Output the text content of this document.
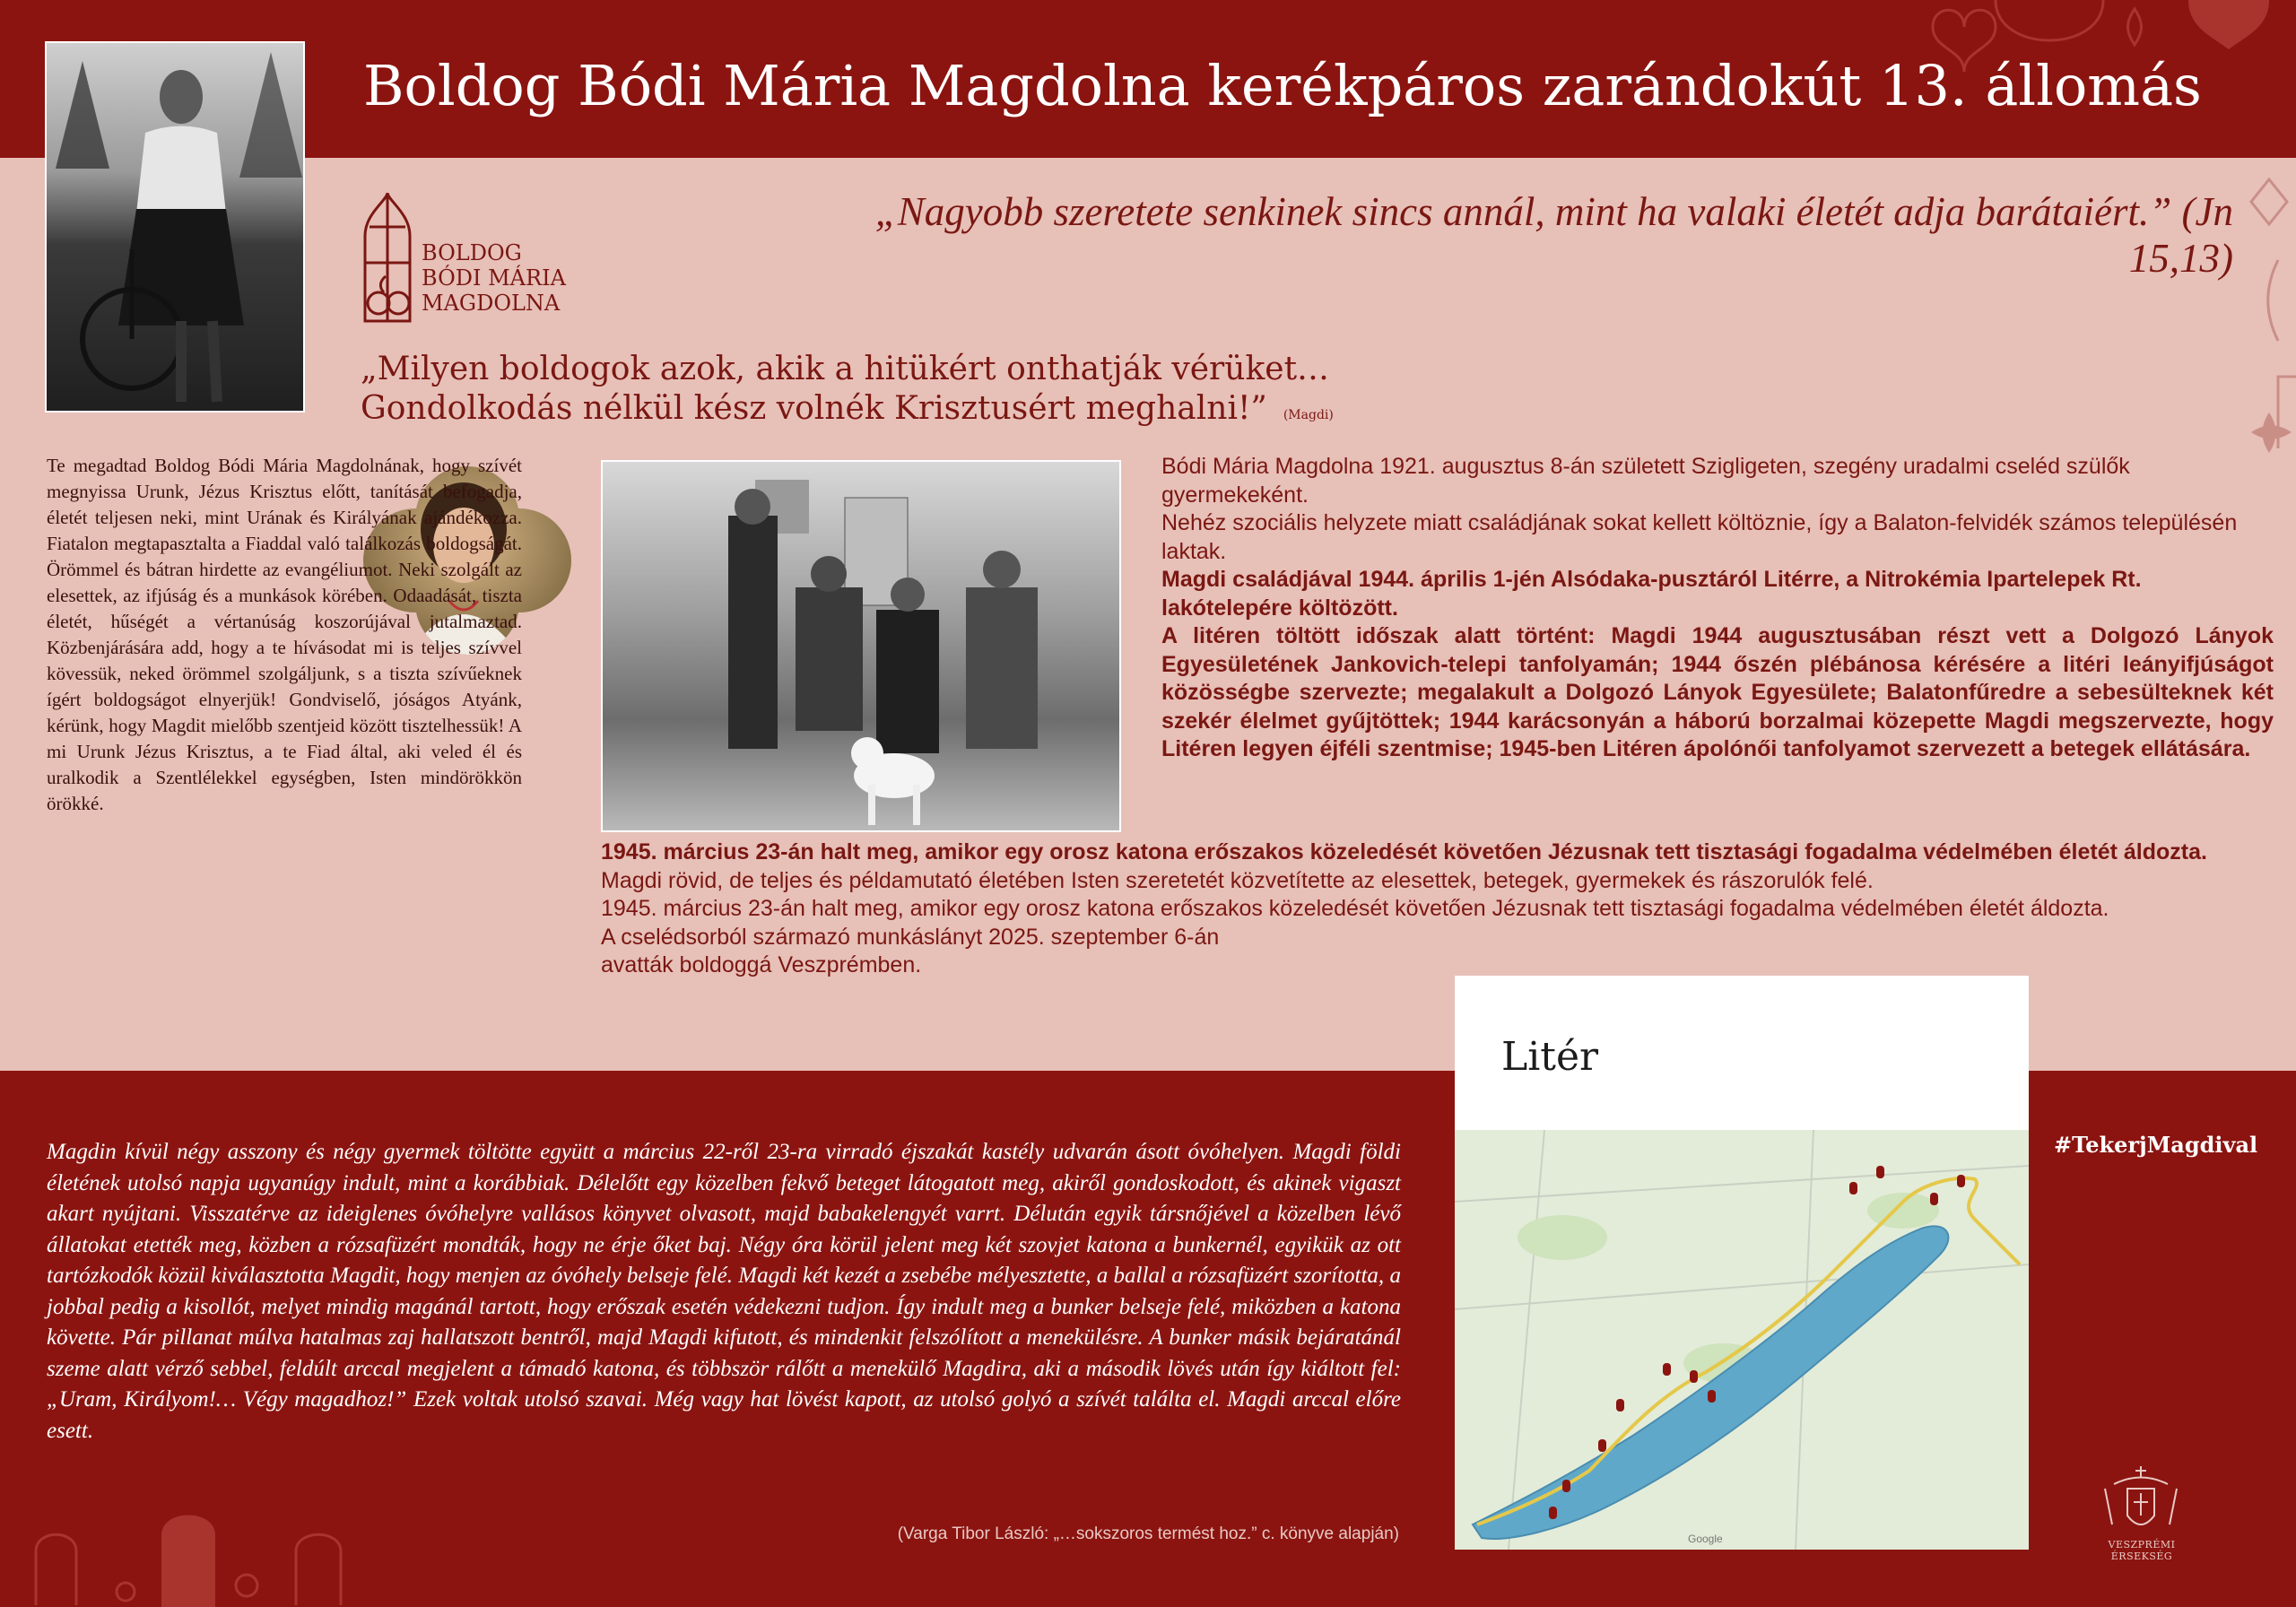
Boldog Bódi Mária Magdolna kerékpáros zarándokút 13. állomás
„Nagyobb szeretete senkinek sincs annál, mint ha valaki életét adja barátaiért.” (Jn 15,13)
BOLDOG
BÓDI MÁRIA
MAGDOLNA
„Milyen boldogok azok, akik a hitükért onthatják vérüket…
Gondolkodás nélkül kész volnék Krisztusért meghalni!” (Magdi)
Te megadtad Boldog Bódi Mária Magdolnának, hogy szívét megnyissa Urunk, Jézus Krisztus előtt, tanítását befogadja, életét teljesen neki, mint Urának és Királyának ajándékozza. Fiatalon megtapasztalta a Fiaddal való találkozás boldogságát. Örömmel és bátran hirdette az evangéliumot. Neki szolgált az elesettek, az ifjúság és a munkások körében. Odaadását, tiszta életét, hűségét a vértanúság koszorújával jutalmaztad. Közbenjárására add, hogy a te hívásodat mi is teljes szívvel kövessük, neked örömmel szolgáljunk, s a tiszta szívűeknek ígért boldogságot elnyerjük! Gondviselő, jóságos Atyánk, kérünk, hogy Magdit mielőbb szentjeid között tisztelhessük! A mi Urunk Jézus Krisztus, a te Fiad által, aki veled él és uralkodik a Szentlélekkel egységben, Isten mindörökkön örökké.

Bódi Mária Magdolna 1921. augusztus 8-án született Szigligeten, szegény uradalmi cseléd szülők gyermekeként.

Nehéz szociális helyzete miatt családjának sokat kellett költöznie, így a Balaton-felvidék számos településén laktak.

Magdi családjával 1944. április 1-jén Alsódaka-pusztáról Litérre, a Nitrokémia Ipartelepek Rt. lakótelepére költözött.

A litéren töltött időszak alatt történt: Magdi 1944 augusztusában részt vett a Dolgozó Lányok Egyesületének Jankovich-telepi tanfolyamán; 1944 őszén plébánosa kérésére a litéri leányifjúságot közösségbe szervezte; megalakult a Dolgozó Lányok Egyesülete; Balatonfűredre a sebesülteknek két szekér élelmet gyűjtöttek; 1944 karácsonyán a háború borzalmai közepette Magdi megszervezte, hogy Litéren legyen éjféli szentmise; 1945-ben Litéren ápolónői tanfolyamot szervezett a betegek ellátására.

1945. március 23-án halt meg, amikor egy orosz katona erőszakos közeledését követően Jézusnak tett tisztasági fogadalma védelmében életét áldozta.  Magdi rövid, de teljes és példamutató életében Isten szeretetét közvetítette az elesettek, betegek, gyermekek és rászorulók felé.

1945. március 23-án halt meg, amikor egy orosz katona erőszakos közeledését követően Jézusnak tett tisztasági fogadalma védelmében életét áldozta.

A cselédsorból származó munkáslányt 2025. szeptember 6-án avatták boldoggá Veszprémben.

Magdin kívül négy asszony és négy gyermek töltötte együtt a március 22-ről 23-ra virradó éjszakát kastély udvarán ásott óvóhelyen. Magdi földi életének utolsó napja ugyanúgy indult, mint a korábbiak. Délelőtt egy közelben fekvő beteget látogatott meg, akiről gondoskodott, és akinek vigaszt akart nyújtani. Visszatérve az ideiglenes óvóhelyre vallásos könyvet olvasott, majd babakelengyét varrt. Délután egyik társnőjével a közelben lévő állatokat etették meg, közben a rózsafüzért mondták, hogy ne érje őket baj. Négy óra körül jelent meg két szovjet katona a bunkernél, egyikük az ott tartózkodók közül kiválasztotta Magdit, hogy menjen az óvóhely belseje felé. Magdi két kezét a zsebébe mélyesztette, a ballal a rózsafüzért szorította, a jobbal pedig a kisollót, melyet mindig magánál tartott, hogy erőszak esetén védekezni tudjon. Így indult meg a bunker belseje felé, miközben a katona követte. Pár pillanat múlva hatalmas zaj hallatszott bentről, majd Magdi kifutott, és mindenkit felszólított a menekülésre. A bunker másik bejáratánál szeme alatt vérző sebbel, feldúlt arccal megjelent a támadó katona, és többször rálőtt a menekülő Magdira, aki a második lövés után így kiáltott fel: „Uram, Királyom!… Végy magadhoz!” Ezek voltak utolsó szavai. Még vagy hat lövést kapott, az utolsó golyó a szívét találta el. Magdi arccal előre esett.
(Varga Tibor László: „…sokszoros termést hoz.” c. könyve alapján)
Litér
Google
#TekerjMagdival
VESZPRÉMI ÉRSEKSÉG
